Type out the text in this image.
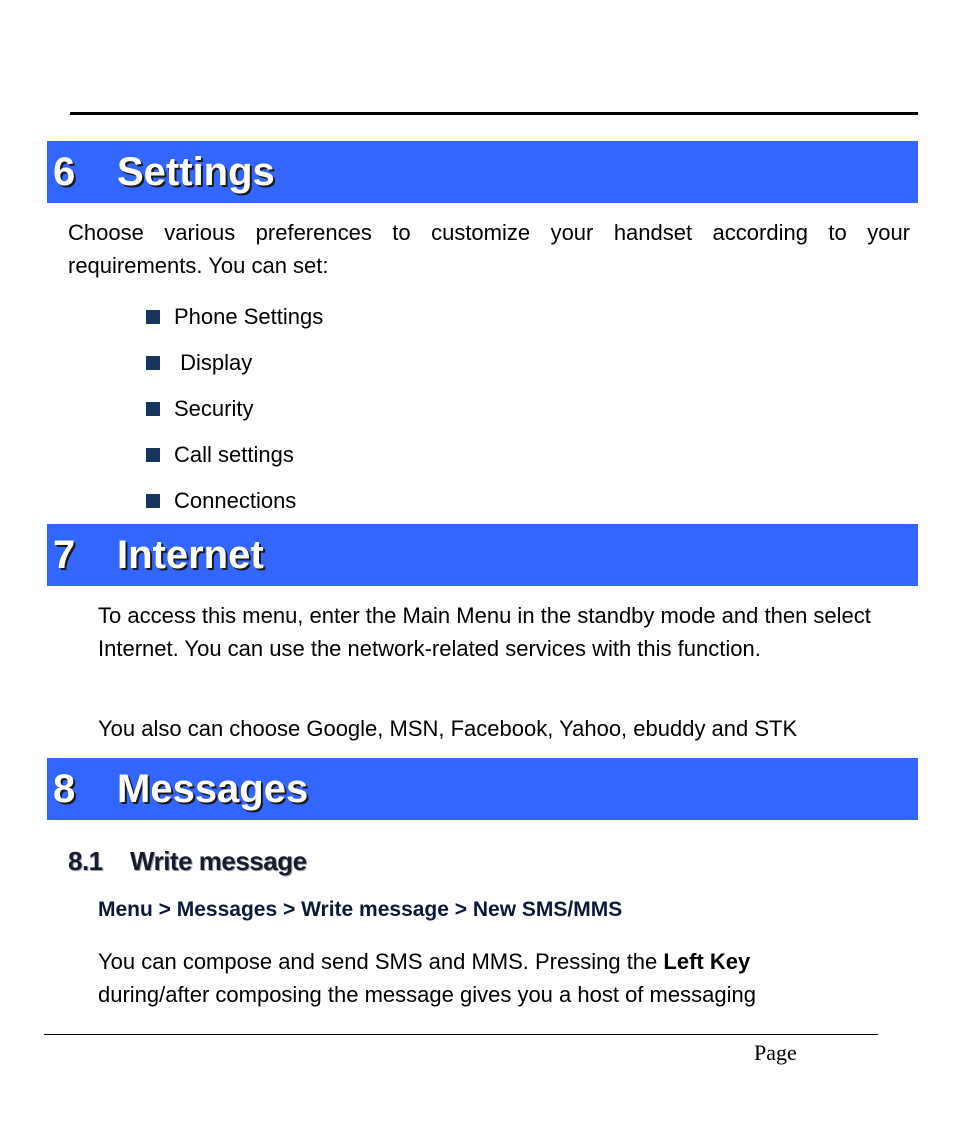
6 Settings
Choose various preferences to customize your handset according to your requirements. You can set:
Phone Settings
Display
Security
Call settings
Connections
7 Internet
To access this menu, enter the Main Menu in the standby mode and then select Internet. You can use the network-related services with this function.
You also can choose Google, MSN, Facebook, Yahoo, ebuddy and STK
8 Messages
8.1 Write message
Menu > Messages > Write message > New SMS/MMS
You can compose and send SMS and MMS. Pressing the Left Key during/after composing the message gives you a host of messaging
Page
